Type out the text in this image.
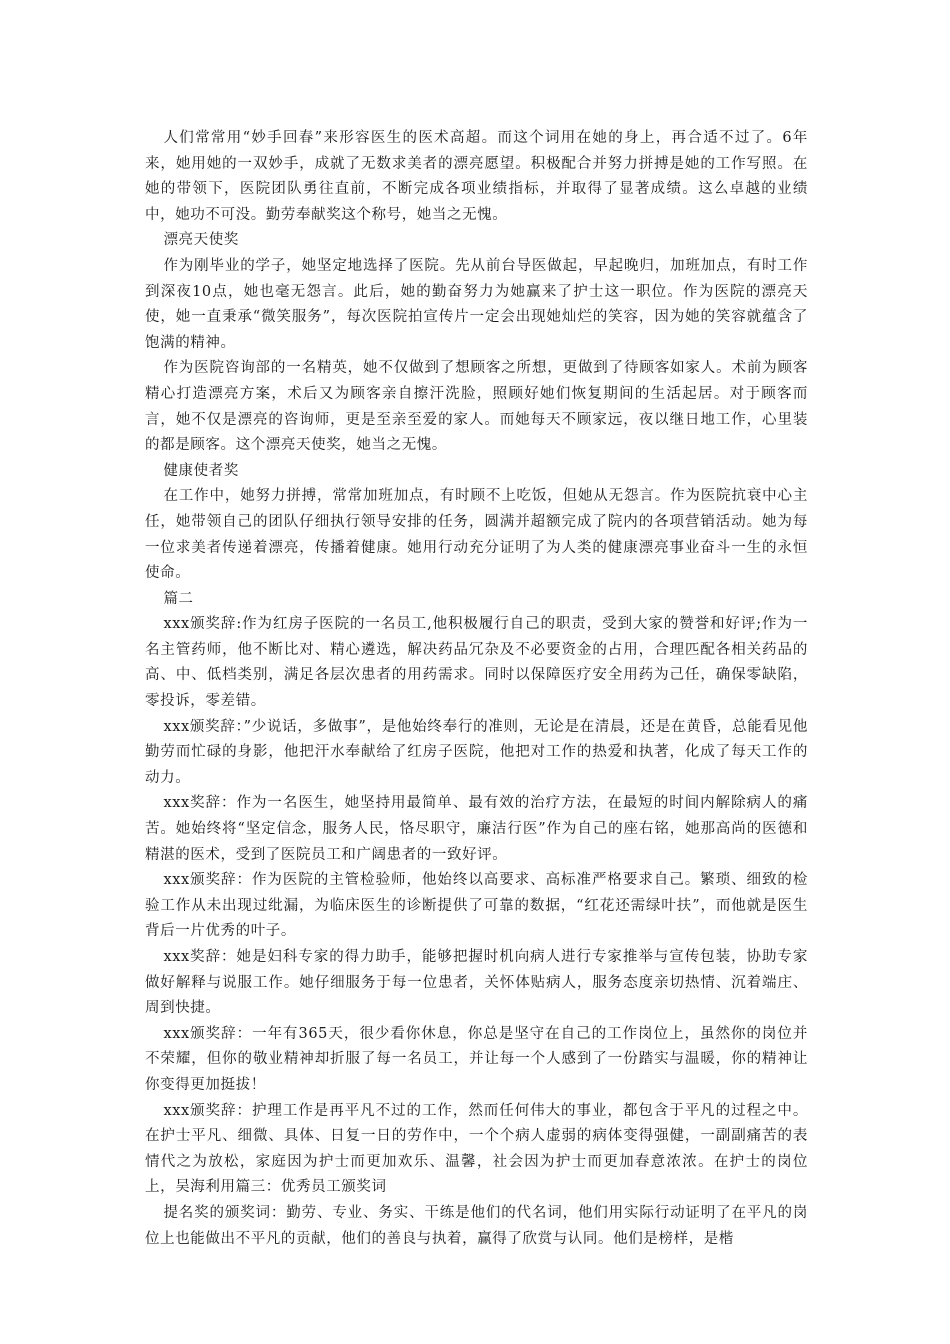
人们常常用“妙手回春”来形容医生的医术高超。而这个词用在她的身上，再合适不过了。6年来，她用她的一双妙手，成就了无数求美者的漂亮愿望。积极配合并努力拼搏是她的工作写照。在她的带领下，医院团队勇往直前，不断完成各项业绩指标，并取得了显著成绩。这么卓越的业绩中，她功不可没。勤劳奉献奖这个称号，她当之无愧。

漂亮天使奖

作为刚毕业的学子，她坚定地选择了医院。先从前台导医做起，早起晚归，加班加点，有时工作到深夜10点，她也毫无怨言。此后，她的勤奋努力为她赢来了护士这一职位。作为医院的漂亮天使，她一直秉承“微笑服务”，每次医院拍宣传片一定会出现她灿烂的笑容，因为她的笑容就蕴含了饱满的精神。

作为医院咨询部的一名精英，她不仅做到了想顾客之所想，更做到了待顾客如家人。术前为顾客精心打造漂亮方案，术后又为顾客亲自擦汗洗脸，照顾好她们恢复期间的生活起居。对于顾客而言，她不仅是漂亮的咨询师，更是至亲至爱的家人。而她每天不顾家远，夜以继日地工作，心里装的都是顾客。这个漂亮天使奖，她当之无愧。

健康使者奖

在工作中，她努力拼搏，常常加班加点，有时顾不上吃饭，但她从无怨言。作为医院抗衰中心主任，她带领自己的团队仔细执行领导安排的任务，圆满并超额完成了院内的各项营销活动。她为每一位求美者传递着漂亮，传播着健康。她用行动充分证明了为人类的健康漂亮事业奋斗一生的永恒使命。

篇二

xxx颁奖辞:作为红房子医院的一名员工,他积极履行自己的职责，受到大家的赞誉和好评;作为一名主管药师，他不断比对、精心遴选，解决药品冗杂及不必要资金的占用，合理匹配各相关药品的高、中、低档类别，满足各层次患者的用药需求。同时以保障医疗安全用药为己任，确保零缺陷，零投诉，零差错。

xxx颁奖辞：”少说话，多做事”，是他始终奉行的准则，无论是在清晨，还是在黄昏，总能看见他勤劳而忙碌的身影，他把汗水奉献给了红房子医院，他把对工作的热爱和执著，化成了每天工作的动力。

xxx奖辞：作为一名医生，她坚持用最简单、最有效的治疗方法，在最短的时间内解除病人的痛苦。她始终将“坚定信念，服务人民，恪尽职守，廉洁行医”作为自己的座右铭，她那高尚的医德和精湛的医术，受到了医院员工和广阔患者的一致好评。

xxx颁奖辞：作为医院的主管检验师，他始终以高要求、高标准严格要求自己。繁琐、细致的检验工作从未出现过纰漏，为临床医生的诊断提供了可靠的数据，“红花还需绿叶扶”，而他就是医生背后一片优秀的叶子。

xxx奖辞：她是妇科专家的得力助手，能够把握时机向病人进行专家推举与宣传包装，协助专家做好解释与说服工作。她仔细服务于每一位患者，关怀体贴病人，服务态度亲切热情、沉着端庄、周到快捷。

xxx颁奖辞：一年有365天，很少看你休息，你总是坚守在自己的工作岗位上，虽然你的岗位并不荣耀，但你的敬业精神却折服了每一名员工，并让每一个人感到了一份踏实与温暖，你的精神让你变得更加挺拔！

xxx颁奖辞：护理工作是再平凡不过的工作，然而任何伟大的事业，都包含于平凡的过程之中。在护士平凡、细微、具体、日复一日的劳作中，一个个病人虚弱的病体变得强健，一副副痛苦的表情代之为放松，家庭因为护士而更加欢乐、温馨，社会因为护士而更加春意浓浓。在护士的岗位上，吴海利用篇三：优秀员工颁奖词

提名奖的颁奖词：勤劳、专业、务实、干练是他们的代名词，他们用实际行动证明了在平凡的岗位上也能做出不平凡的贡献，他们的善良与执着，赢得了欣赏与认同。他们是榜样，是楷
